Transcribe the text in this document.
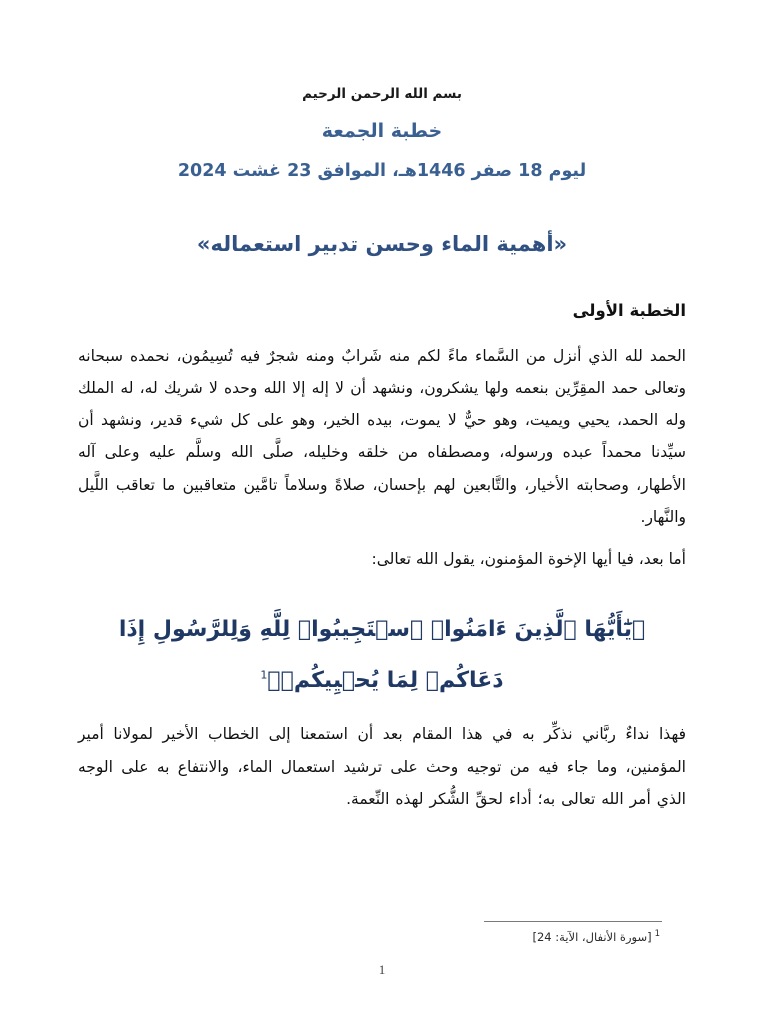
بسم الله الرحمن الرحيم
خطبة الجمعة
ليوم 18 صفر 1446هـ، الموافق 23 غشت 2024
«أهمية الماء وحسن تدبير استعماله»
الخطبة الأولى
الحمد لله الذي أنزل من السَّماء ماءً لكم منه شَرابٌ ومنه شجرٌ فيه تُسِيمُون، نحمده سبحانه وتعالى حمد المقِرِّين بنعمه ولها يشكرون، ونشهد أن لا إله إلا الله وحده لا شريك له، له الملك وله الحمد، يحيي ويميت، وهو حيٌّ لا يموت، بيده الخير، وهو على كل شيء قدير، ونشهد أن سيِّدنا محمداً عبده ورسوله، ومصطفاه من خلقه وخليله، صلَّى الله وسلَّم عليه وعلى آله الأطهار، وصحابته الأخيار، والتَّابعين لهم بإحسان، صلاةً وسلاماً تامَّين متعاقبين ما تعاقب اللَّيل والنَّهار.
أما بعد، فيا أيها الإخوة المؤمنون، يقول الله تعالى:
﴿يَٰٓأَيُّهَا ٱلَّذِينَ ءَامَنُوا۟ ٱسۡتَجِيبُوا۟ لِلَّهِ وَلِلرَّسُولِ إِذَا
دَعَاكُمۡ لِمَا يُحۡيِيكُمۡ﴾$^1$
فهذا نداءٌ ربَّاني نذكِّر به في هذا المقام بعد أن استمعنا إلى الخطاب الأخير لمولانا أمير المؤمنين، وما جاء فيه من توجيه وحث على ترشيد استعمال الماء، والانتفاع به على الوجه الذي أمر الله تعالى به؛ أداء لحقِّ الشُّكر لهذه النِّعمة.
$^1$[سورة الأنفال، الآية: 24]
1
